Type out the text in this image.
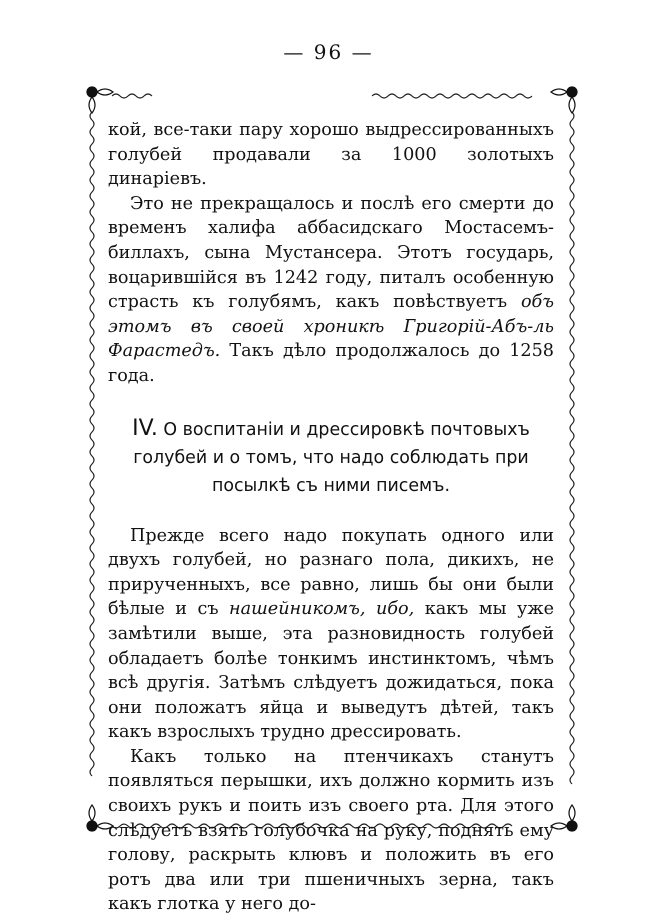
— 96 —

кой, все-таки пару хорошо выдрессированныхъ голубей продавали за 1000 золотыхъ динаріевъ.

Это не прекращалось и послѣ его смерти до временъ халифа аббасидскаго Мостасемъ-биллахъ, сына Мустансера. Этотъ государь, воцарившійся въ 1242 году, питалъ особенную страсть къ голубямъ, какъ повѣствуетъ объ этомъ въ своей хроникѣ Григорій-Абъ-ль Фарастедъ. Такъ дѣло продолжалось до 1258 года.

IV. О воспитаніи и дрессировкѣ почтовыхъ голубей и о томъ, что надо соблюдать при посылкѣ съ ними писемъ.

Прежде всего надо покупать одного или двухъ голубей, но разнаго пола, дикихъ, не прирученныхъ, все равно, лишь бы они были бѣлые и съ нашейникомъ, ибо, какъ мы уже замѣтили выше, эта разновидность голубей обладаетъ болѣе тонкимъ инстинктомъ, чѣмъ всѣ другія. Затѣмъ слѣдуетъ дожидаться, пока они положатъ яйца и выведутъ дѣтей, такъ какъ взрослыхъ трудно дрессировать.

Какъ только на птенчикахъ станутъ появляться перышки, ихъ должно кормить изъ своихъ рукъ и поить изъ своего рта. Для этого слѣдуетъ взять голубочка на руку, поднять ему голову, раскрыть клювъ и положить въ его ротъ два или три пшеничныхъ зерна, такъ какъ глотка у него до-
